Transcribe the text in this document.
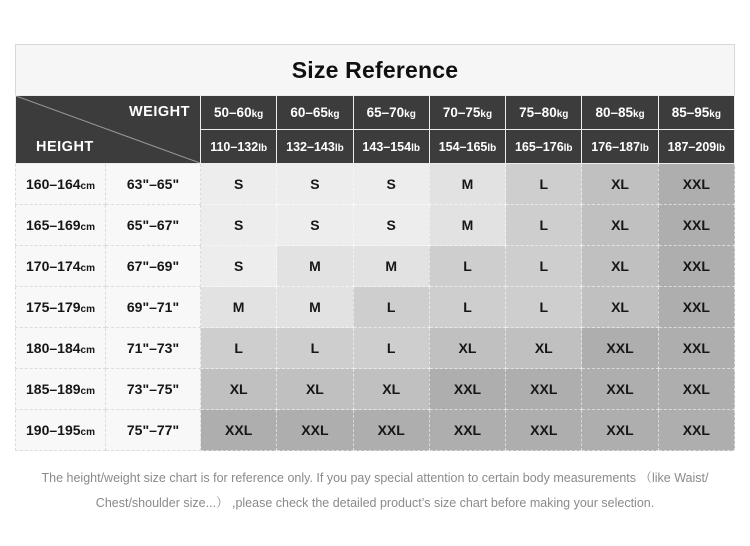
Size Reference
WEIGHT
HEIGHT		50–60kg	60–65kg	65–70kg	70–75kg	75–80kg	80–85kg	85–95kg
		110–132lb	132–143lb	143–154lb	154–165lb	165–176lb	176–187lb	187–209lb
160–164cm	63"–65"	S	S	S	M	L	XL	XXL
165–169cm	65"–67"	S	S	S	M	L	XL	XXL
170–174cm	67"–69"	S	M	M	L	L	XL	XXL
175–179cm	69"–71"	M	M	L	L	L	XL	XXL
180–184cm	71"–73"	L	L	L	XL	XL	XXL	XXL
185–189cm	73"–75"	XL	XL	XL	XXL	XXL	XXL	XXL
190–195cm	75"–77"	XXL	XXL	XXL	XXL	XXL	XXL	XXL
The height/weight size chart is for reference only. If you pay special attention to certain body measurements （like Waist/
Chest/shoulder size...） ,please check the detailed product’s size chart before making your selection.
